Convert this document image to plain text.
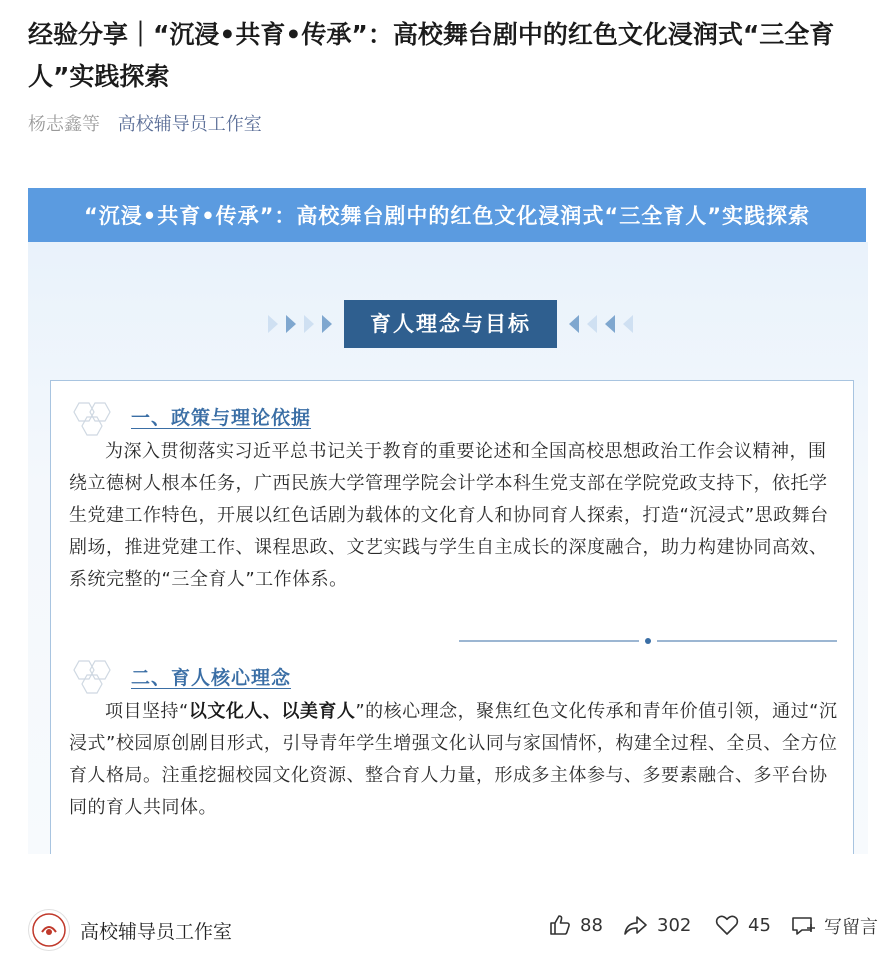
经验分享｜“沉浸•共育•传承”：高校舞台剧中的红色文化浸润式“三全育人”实践探索
杨志鑫等 高校辅导员工作室
“沉浸•共育•传承”：高校舞台剧中的红色文化浸润式“三全育人”实践探索
育人理念与目标
一、政策与理论依据

为深入贯彻落实习近平总书记关于教育的重要论述和全国高校思想政治工作会议精神，围绕立德树人根本任务，广西民族大学管理学院会计学本科生党支部在学院党政支持下，依托学生党建工作特色，开展以红色话剧为载体的文化育人和协同育人探索，打造“沉浸式”思政舞台剧场，推进党建工作、课程思政、文艺实践与学生自主成长的深度融合，助力构建协同高效、系统完整的“三全育人”工作体系。

二、育人核心理念

项目坚持“以文化人、以美育人”的核心理念，聚焦红色文化传承和青年价值引领，通过“沉浸式”校园原创剧目形式，引导青年学生增强文化认同与家国情怀，构建全过程、全员、全方位育人格局。注重挖掘校园文化资源、整合育人力量，形成多主体参与、多要素融合、多平台协同的育人共同体。

高校辅导员工作室	88	302	45	写留言
